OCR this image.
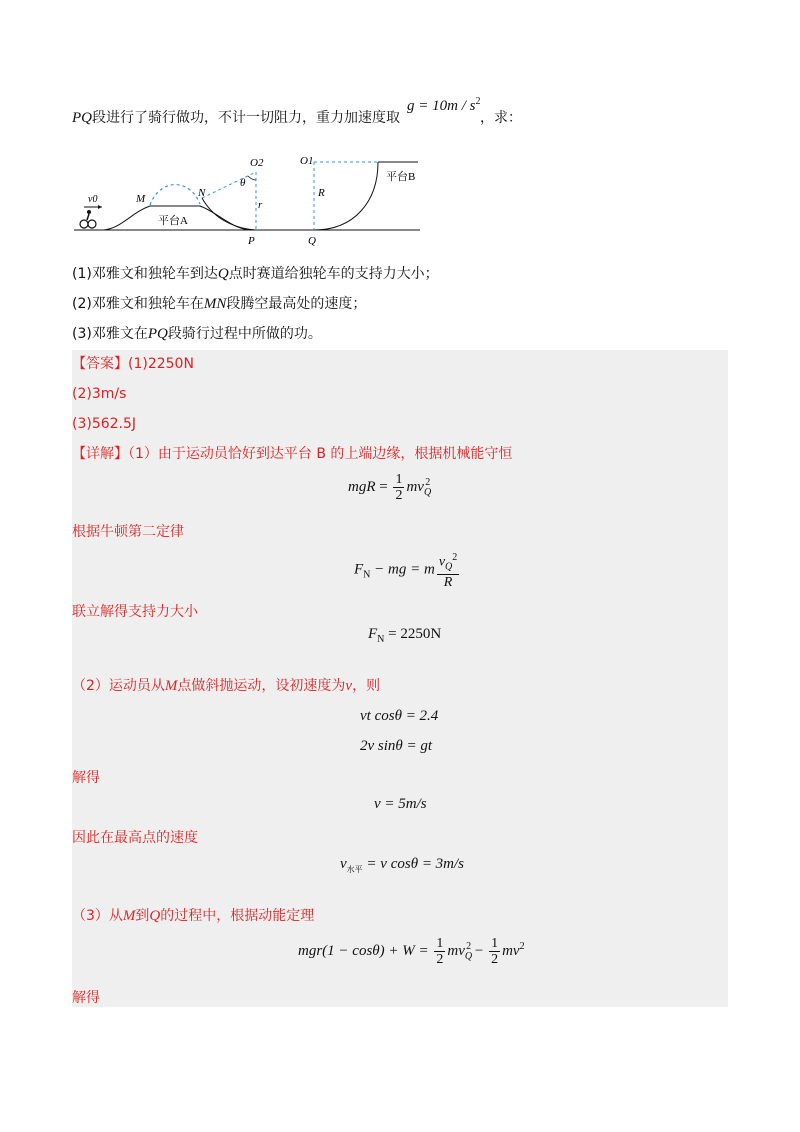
PQ段进行了骑行做功，不计一切阻力，重力加速度取
$g = 10m / s^2$
，求：
v0	M	N
O2
θ
r
P
O1
R
Q
平台A
平台B
(1)邓雅文和独轮车到达Q点时赛道给独轮车的支持力大小；
(2)邓雅文和独轮车在MN段腾空最高处的速度；
(3)邓雅文在PQ段骑行过程中所做的功。
【答案】(1)2250N
(2)3m/s
(3)562.5J
【详解】（1）由于运动员恰好到达平台 B 的上端边缘，根据机械能守恒
mgR = $\frac{1}{2} mv_Q^2$
根据牛顿第二定律
$F_N$ − mg = m $\frac{v_Q^2}{R}$
联立解得支持力大小
$F_N = 2250N$
（2）运动员从M点做斜抛运动，设初速度为v，则
vt cosθ = 2.4
2v sinθ = gt
解得
v = 5m/s
因此在最高点的速度
$v_{水平} = v$ cosθ = 3m/s
（3）从M到Q的过程中，根据动能定理
$mgr(1 - \cos\theta) + W = \frac{1}{2} mv_Q^2 - \frac{1}{2} mv^2$
解得
